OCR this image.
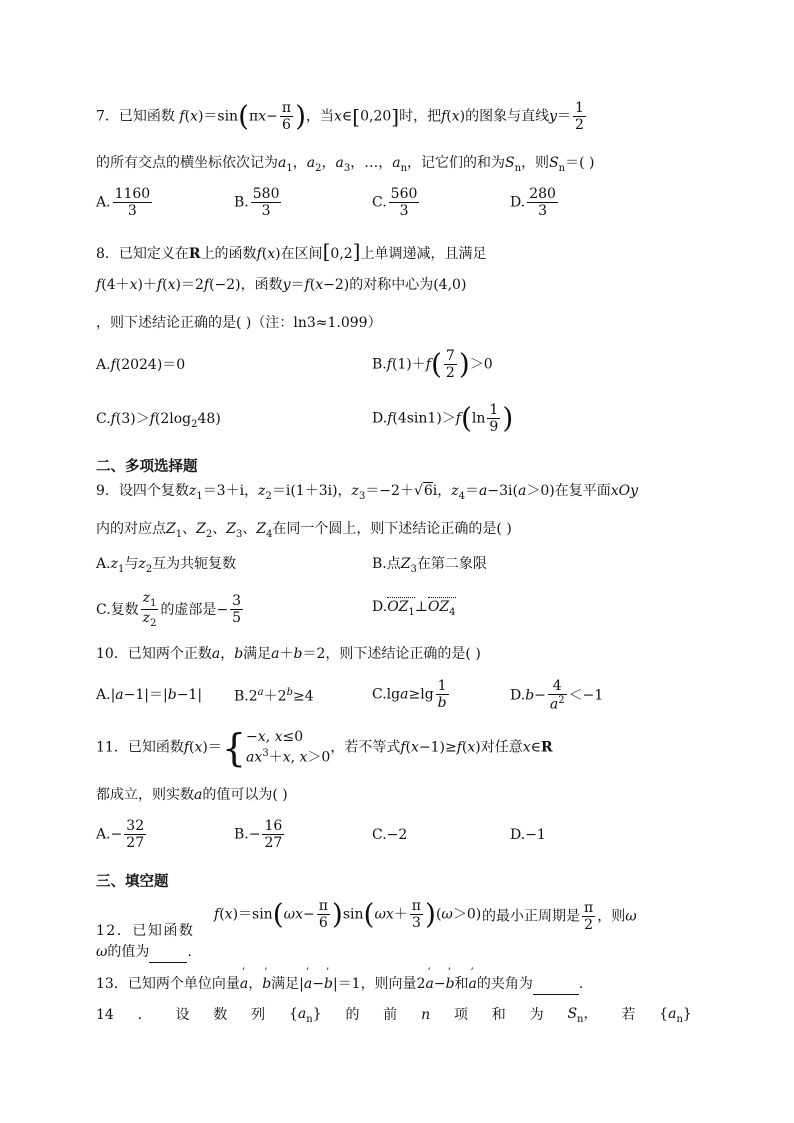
7．已知函数 $f(x)=\sin(\pi x- \frac{\pi}{6}$ )，当x∈[0,20]时，把f(x)的图象与直线$y= \frac{1}{2}$
的所有交点的横坐标依次记为$a_1$，$a_2$，$a_3$，…，$a_n$，记它们的和为$S_n$，则$S_n=$( )
A. $\frac{1160}{3}$	B. $\frac{580}{3}$	C. $\frac{560}{3}$	D. $\frac{280}{3}$
8．已知定义在R上的函数f(x)在区间[0,2]上单调递减，且满足
f(4＋x)＋f(x)＝2f(−2)，函数y＝f(x−2)的对称中心为(4,0)
，则下述结论正确的是( )（注：ln3≈1.099）
A.f(2024)＝0	$B.f(1)+f( \frac{7}{2} )>0$
$C.f(3)>f(2\log_248)$	$D.f(4\sin 1)>f(\ln \frac{1}{9}$ )
二、多项选择题
9．设四个复数$z_1=3+i$，$z_2=i(1+3i)$，$z_3=-2+√6i$，$z_4=a-3i(a>0)$在复平面xOy
内的对应点$Z_1$、$Z_2$、$Z_3$、$Z_4$在同一个圆上，则下述结论正确的是( )
$A.z_1$与$z_2$互为共轭复数	B.点$Z_3$在第二象限
C.复数 $\frac{z_1}{z_2}$ 的虚部是− $\frac{3}{5}$	$D.OZ_1\perp OZ_4$
10．已知两个正数a，b满足a＋b＝2，则下述结论正确的是( )
A.|a−1|＝|b−1| $B.2^a+2^b\ge 4$	$C.\lg a\ge\lg \frac{1}{b}$	$D.b- \frac{4}{a^2} <-1$
11．已知函数f(x)＝{ −x, x≤0
$ax^3+x$, x＞0
，若不等式f(x−1)≥f(x)对任意x∈R
都成立，则实数a的值可以为( )
$A.- \frac{32}{27}$	$B.- \frac{16}{27}$	C.−2	D.−1
三、填空题
$f(x)=\sin(\omega x- \frac{\pi}{6} )\sin(\omega x+ \frac{\pi}{3} )(\omega>0)$
12．已知函数
的最小正周期是 $\frac{\pi}{2}$ ，则ω
ω的值为	.
13．已知两个单位向量’ a，’ b满足|’ a−’ b|＝1，则向量2’ a−’ b和’ a的夹角为	.
14 ． 设 数 列 $\{a_n\}$ 的 前 n 项 和 为 $S_n$， 若 $\{a_n\}$
